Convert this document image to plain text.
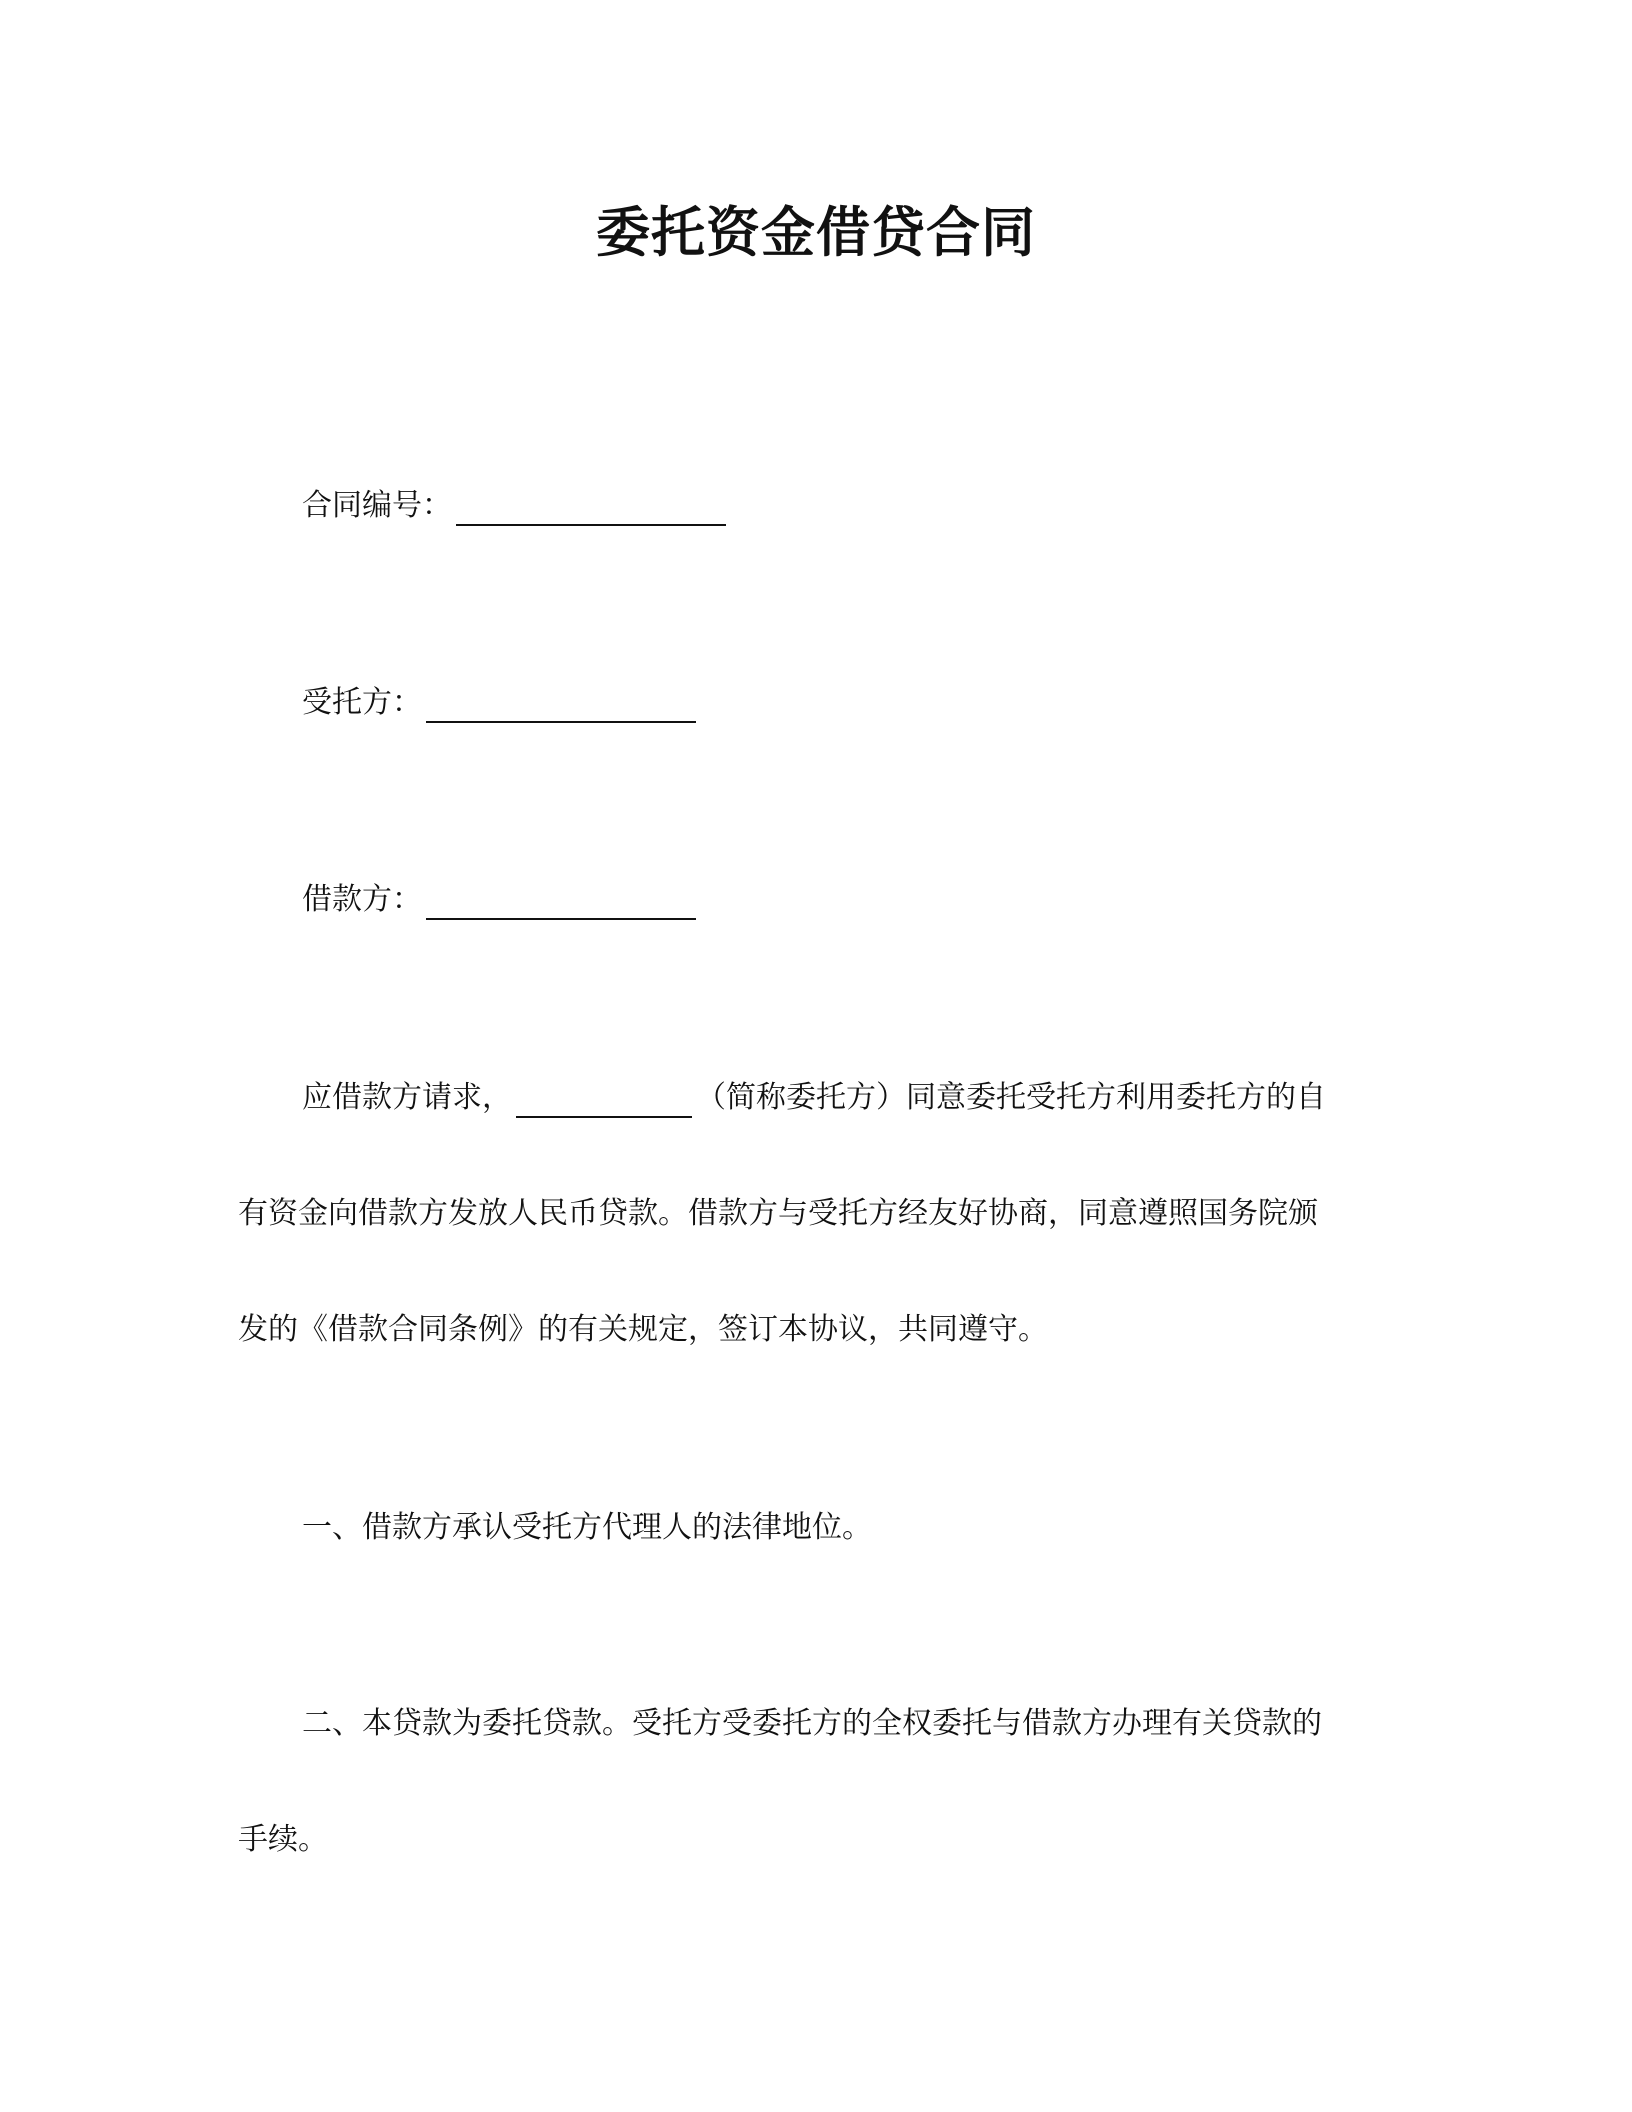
委托资金借贷合同
合同编号：
受托方：
借款方：
应借款方请求，	（简称委托方）同意委托受托方利用委托方的自
有资金向借款方发放人民币贷款。借款方与受托方经友好协商，同意遵照国务院颁
发的《借款合同条例》的有关规定，签订本协议，共同遵守。
一、借款方承认受托方代理人的法律地位。
二、本贷款为委托贷款。受托方受委托方的全权委托与借款方办理有关贷款的
手续。
